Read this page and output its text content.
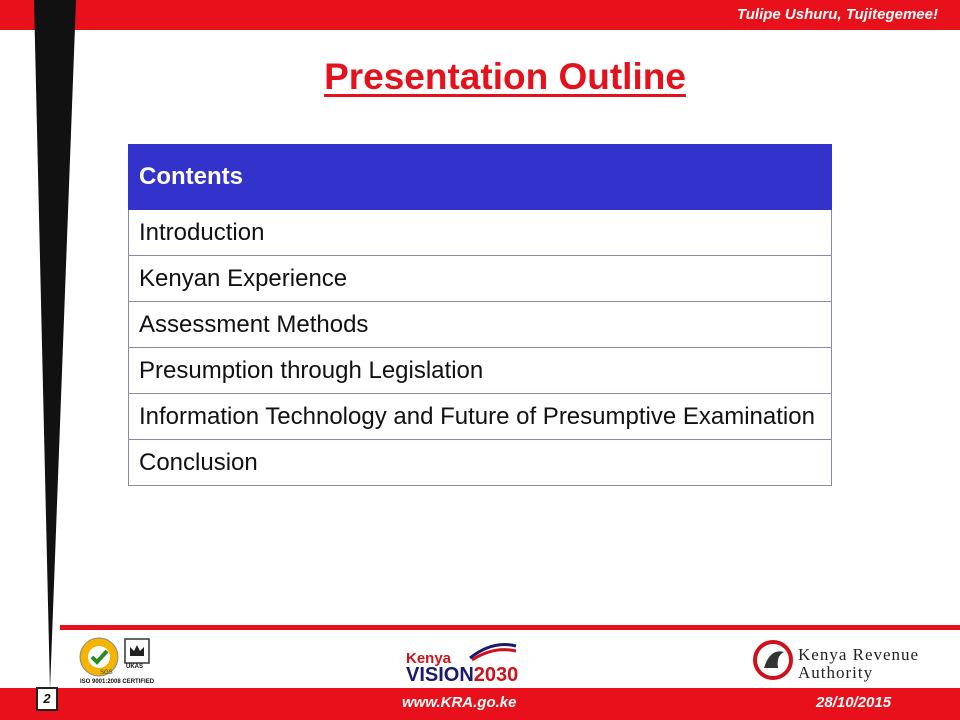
Tulipe Ushuru, Tujitegemee!
Presentation Outline
Contents
Introduction
Kenyan Experience
Assessment Methods
Presumption through Legislation
Information Technology and Future of Presumptive Examination
Conclusion
SGS
UKAS
ISO 9001:2008 CERTIFIED
Kenya
VISION2030
Kenya Revenue
Authority
www.KRA.go.ke	28/10/2015
2
